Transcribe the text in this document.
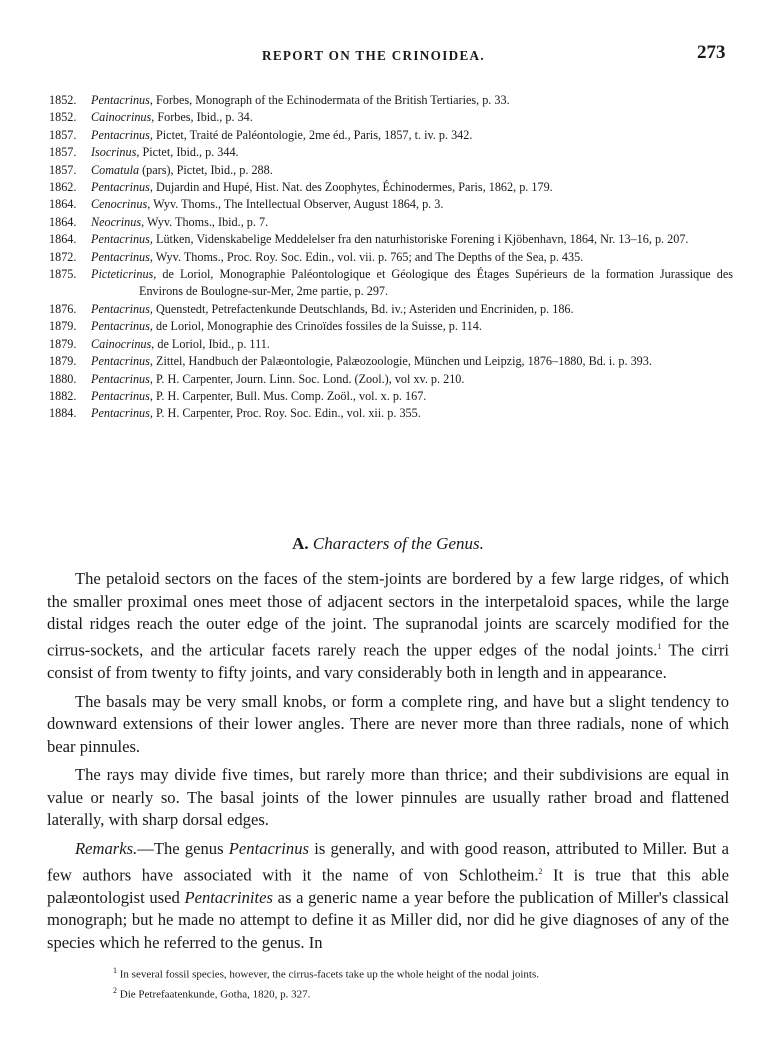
REPORT ON THE CRINOIDEA.	273
1852.	Pentacrinus, Forbes, Monograph of the Echinodermata of the British Tertiaries, p. 33.
1852.	Cainocrinus, Forbes, Ibid., p. 34.
1857.	Pentacrinus, Pictet, Traité de Paléontologie, 2me éd., Paris, 1857, t. iv. p. 342.
1857.	Isocrinus, Pictet, Ibid., p. 344.
1857.	Comatula (pars), Pictet, Ibid., p. 288.
1862.	Pentacrinus, Dujardin and Hupé, Hist. Nat. des Zoophytes, Échinodermes, Paris, 1862, p. 179.
1864.	Cenocrinus, Wyv. Thoms., The Intellectual Observer, August 1864, p. 3.
1864.	Neocrinus, Wyv. Thoms., Ibid., p. 7.
1864.	Pentacrinus, Lütken, Videnskabelige Meddelelser fra den naturhistoriske Forening i Kjöbenhavn, 1864, Nr. 13–16, p. 207.
1872.	Pentacrinus, Wyv. Thoms., Proc. Roy. Soc. Edin., vol. vii. p. 765; and The Depths of the Sea, p. 435.
1875.	Picteticrinus, de Loriol, Monographie Paléontologique et Géologique des Étages Supérieurs de la formation Jurassique des Environs de Boulogne-sur-Mer, 2me partie, p. 297.
1876.	Pentacrinus, Quenstedt, Petrefactenkunde Deutschlands, Bd. iv.; Asteriden und Encriniden, p. 186.
1879.	Pentacrinus, de Loriol, Monographie des Crinoïdes fossiles de la Suisse, p. 114.
1879.	Cainocrinus, de Loriol, Ibid., p. 111.
1879.	Pentacrinus, Zittel, Handbuch der Palæontologie, Palæozoologie, München und Leipzig, 1876–1880, Bd. i. p. 393.
1880.	Pentacrinus, P. H. Carpenter, Journ. Linn. Soc. Lond. (Zool.), vol xv. p. 210.
1882.	Pentacrinus, P. H. Carpenter, Bull. Mus. Comp. Zoöl., vol. x. p. 167.
1884.	Pentacrinus, P. H. Carpenter, Proc. Roy. Soc. Edin., vol. xii. p. 355.
A. Characters of the Genus.

The petaloid sectors on the faces of the stem-joints are bordered by a few large ridges, of which the smaller proximal ones meet those of adjacent sectors in the interpetaloid spaces, while the large distal ridges reach the outer edge of the joint. The supranodal joints are scarcely modified for the cirrus-sockets, and the articular facets rarely reach the upper edges of the nodal joints.$^1$ The cirri consist of from twenty to fifty joints, and vary considerably both in length and in appearance.

The basals may be very small knobs, or form a complete ring, and have but a slight tendency to downward extensions of their lower angles. There are never more than three radials, none of which bear pinnules.

The rays may divide five times, but rarely more than thrice; and their subdivisions are equal in value or nearly so. The basal joints of the lower pinnules are usually rather broad and flattened laterally, with sharp dorsal edges.

Remarks.—The genus Pentacrinus is generally, and with good reason, attributed to Miller. But a few authors have associated with it the name of von Schlotheim.$^2$ It is true that this able palæontologist used Pentacrinites as a generic name a year before the publication of Miller's classical monograph; but he made no attempt to define it as Miller did, nor did he give diagnoses of any of the species which he referred to the genus. In

$^1$ In several fossil species, however, the cirrus-facets take up the whole height of the nodal joints.
$^2$ Die Petrefaatenkunde, Gotha, 1820, p. 327.
